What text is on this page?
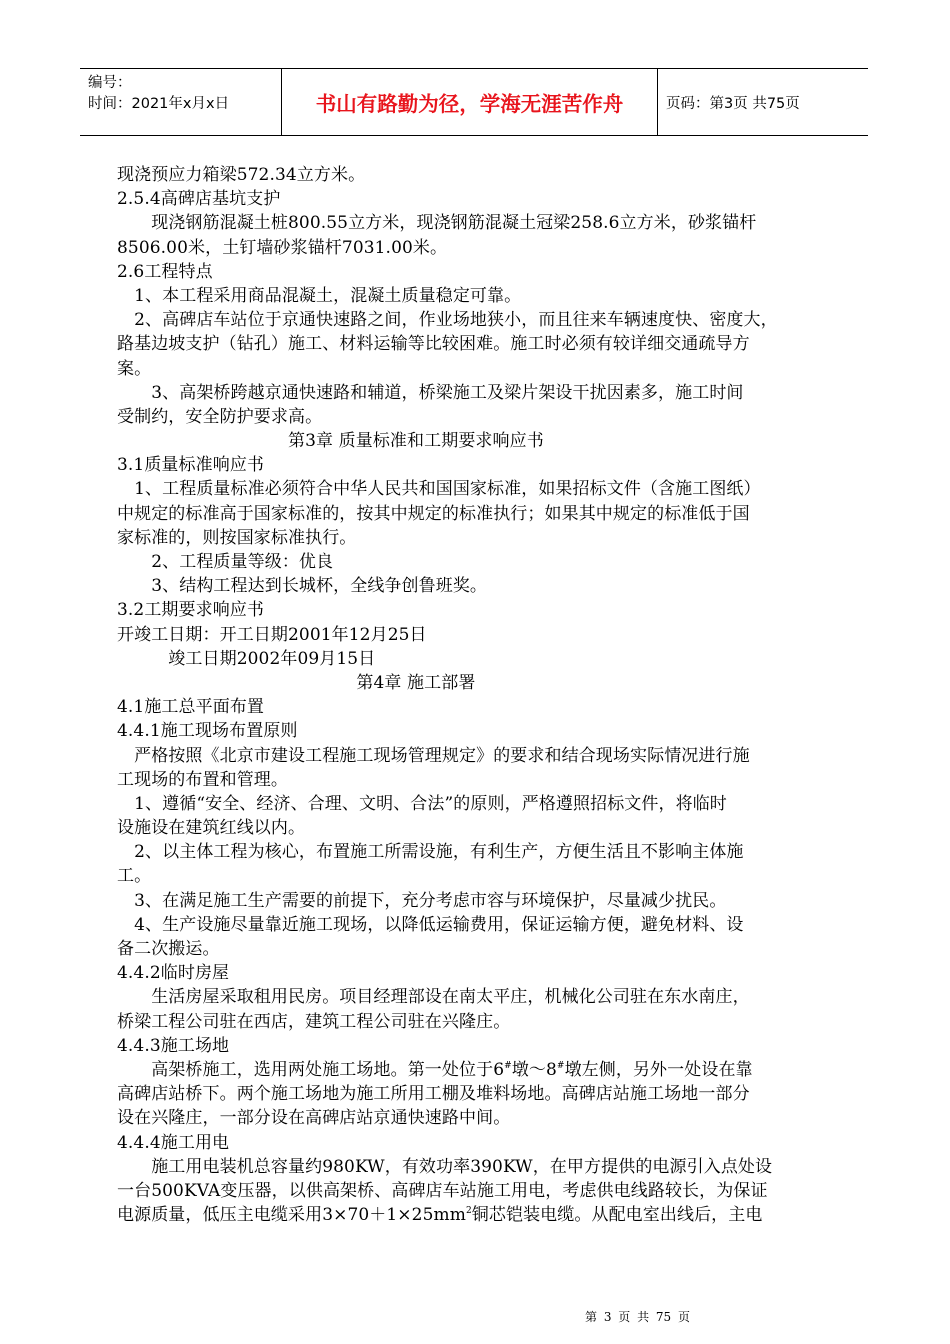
编号：
时间：2021年x月x日	书山有路勤为径，学海无涯苦作舟	页码：第3页 共75页
现浇预应力箱梁572.34立方米。
2.5.4高碑店基坑支护
　　现浇钢筋混凝土桩800.55立方米，现浇钢筋混凝土冠梁258.6立方米，砂浆锚杆
8506.00米，土钉墙砂浆锚杆7031.00米。
2.6工程特点
　1、本工程采用商品混凝土，混凝土质量稳定可靠。
　2、高碑店车站位于京通快速路之间，作业场地狭小，而且往来车辆速度快、密度大，
路基边坡支护（钻孔）施工、材料运输等比较困难。施工时必须有较详细交通疏导方
案。
　　3、高架桥跨越京通快速路和辅道，桥梁施工及梁片架设干扰因素多，施工时间
受制约，安全防护要求高。
　　　　　　　　　　第3章 质量标准和工期要求响应书
3.1质量标准响应书
　1、工程质量标准必须符合中华人民共和国国家标准，如果招标文件（含施工图纸）
中规定的标准高于国家标准的，按其中规定的标准执行；如果其中规定的标准低于国
家标准的，则按国家标准执行。
　　2、工程质量等级：优良
　　3、结构工程达到长城杯，全线争创鲁班奖。
3.2工期要求响应书
开竣工日期：开工日期2001年12月25日
　　　竣工日期2002年09月15日
　　　　　　　　　　　　　　第4章 施工部署
4.1施工总平面布置
4.4.1施工现场布置原则
　严格按照《北京市建设工程施工现场管理规定》的要求和结合现场实际情况进行施
工现场的布置和管理。
　1、遵循“安全、经济、合理、文明、合法”的原则，严格遵照招标文件，将临时
设施设在建筑红线以内。
　2、以主体工程为核心，布置施工所需设施，有利生产，方便生活且不影响主体施
工。
　3、在满足施工生产需要的前提下，充分考虑市容与环境保护，尽量减少扰民。
　4、生产设施尽量靠近施工现场，以降低运输费用，保证运输方便，避免材料、设
备二次搬运。
4.4.2临时房屋
　　生活房屋采取租用民房。项目经理部设在南太平庄，机械化公司驻在东水南庄，
桥梁工程公司驻在西店，建筑工程公司驻在兴隆庄。
4.4.3施工场地
　　高架桥施工，选用两处施工场地。第一处位于6#墩～8#墩左侧，另外一处设在靠
高碑店站桥下。两个施工场地为施工所用工棚及堆料场地。高碑店站施工场地一部分
设在兴隆庄，一部分设在高碑店站京通快速路中间。
4.4.4施工用电
　　施工用电装机总容量约980KW，有效功率390KW，在甲方提供的电源引入点处设
一台500KVA变压器，以供高架桥、高碑店车站施工用电，考虑供电线路较长，为保证
电源质量，低压主电缆采用$3\times 70+1\times 25mm^2$铜芯铠装电缆。从配电室出线后，主电
第 3 页 共 75 页
